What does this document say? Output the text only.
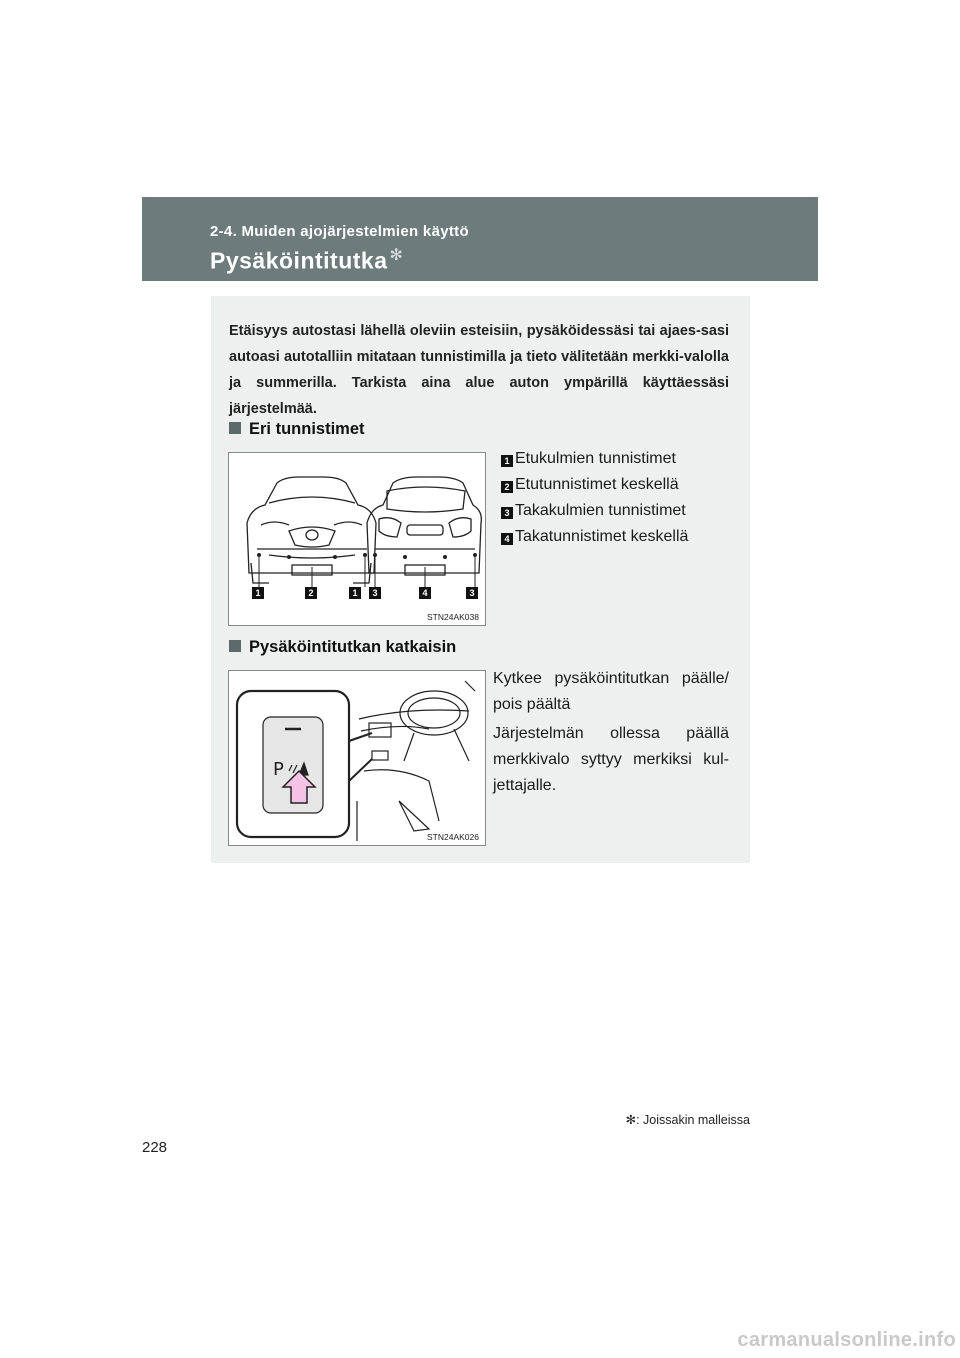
2-4. Muiden ajojärjestelmien käyttö
Pysäköintitutka ✻
Etäisyys autostasi lähellä oleviin esteisiin, pysäköidessäsi tai ajaes-sasi autoasi autotalliin mitataan tunnistimilla ja tieto välitetään merkki-valolla ja summerilla. Tarkista aina alue auton ympärillä käyttäessäsi järjestelmää.
Eri tunnistimet
1	2	1	3	4	3
STN24AK038
1 Etukulmien tunnistimet
2 Etutunnistimet keskellä
3 Takakulmien tunnistimet
4 Takatunnistimet keskellä
Pysäköintitutkan katkaisin
P
STN24AK026
Kytkee pysäköintitutkan päälle/ pois päältä
Järjestelmän ollessa päällä merkkivalo syttyy merkiksi kul-jettajalle.
✻: Joissakin malleissa
228
carmanualsonline.info
